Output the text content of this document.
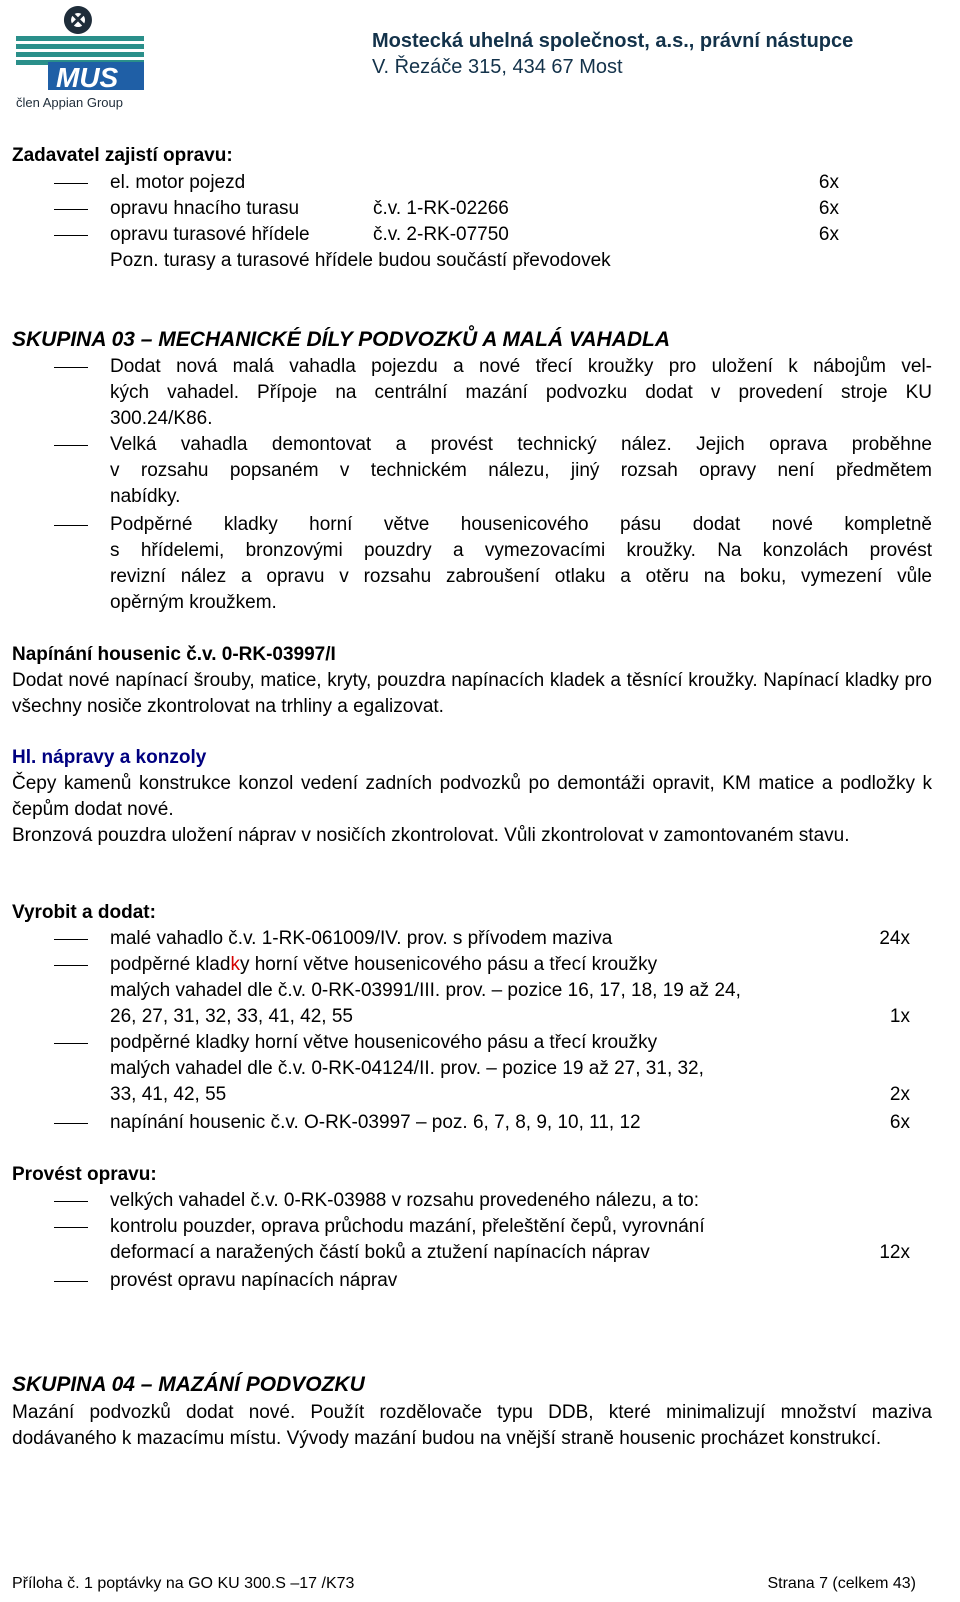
MUS
člen Appian Group
Mostecká uhelná společnost, a.s., právní nástupce
V. Řezáče 315, 434 67 Most
Zadavatel zajistí opravu:
el. motor pojezd	6x
opravu hnacího turasu	č.v. 1-RK-02266	6x
opravu turasové hřídele	č.v. 2-RK-07750	6x
Pozn. turasy a turasové hřídele budou součástí převodovek
SKUPINA 03 – MECHANICKÉ DÍLY PODVOZKŮ A MALÁ VAHADLA
Dodat nová malá vahadla pojezdu a nové třecí kroužky pro uložení k nábojům vel-
kých vahadel. Přípoje na centrální mazání podvozku dodat v provedení stroje KU
300.24/K86.
Velká vahadla demontovat a provést technický nález. Jejich oprava proběhne
v rozsahu popsaném v technickém nálezu, jiný rozsah opravy není předmětem
nabídky.
Podpěrné kladky horní větve housenicového pásu dodat nové kompletně
s hřídelemi, bronzovými pouzdry a vymezovacími kroužky. Na konzolách provést
revizní nález a opravu v rozsahu zabroušení otlaku a otěru na boku, vymezení vůle
opěrným kroužkem.
Napínání housenic č.v. 0-RK-03997/I
Dodat nové napínací šrouby, matice, kryty, pouzdra napínacích kladek a těsnící kroužky. Napínací kladky pro všechny nosiče zkontrolovat na trhliny a egalizovat.
Hl. nápravy a konzoly
Čepy kamenů konstrukce konzol vedení zadních podvozků po demontáži opravit, KM matice a podložky k čepům dodat nové.
Bronzová pouzdra uložení náprav v nosičích zkontrolovat. Vůli zkontrolovat v zamontovaném stavu.
Vyrobit a dodat:
malé vahadlo č.v. 1-RK-061009/IV. prov. s přívodem maziva	24x
podpěrné kladky horní větve housenicového pásu a třecí kroužky
malých vahadel dle č.v. 0-RK-03991/III. prov. – pozice 16, 17, 18, 19 až 24,
26, 27, 31, 32, 33, 41, 42, 55	1x
podpěrné kladky horní větve housenicového pásu a třecí kroužky
malých vahadel dle č.v. 0-RK-04124/II. prov. – pozice 19 až 27, 31, 32,
33, 41, 42, 55	2x
napínání housenic č.v. O-RK-03997 – poz. 6, 7, 8, 9, 10, 11, 12	6x
Provést opravu:
velkých vahadel č.v. 0-RK-03988 v rozsahu provedeného nálezu, a to:
kontrolu pouzder, oprava průchodu mazání, přeleštění čepů, vyrovnání
deformací a naražených částí boků a ztužení napínacích náprav	12x
provést opravu napínacích náprav
SKUPINA 04 – MAZÁNÍ PODVOZKU
Mazání podvozků dodat nové. Použít rozdělovače typu DDB, které minimalizují množství maziva dodávaného k mazacímu místu. Vývody mazání budou na vnější straně housenic procházet konstrukcí.
Příloha č. 1 poptávky na GO KU 300.S –17 /K73	Strana 7 (celkem 43)
